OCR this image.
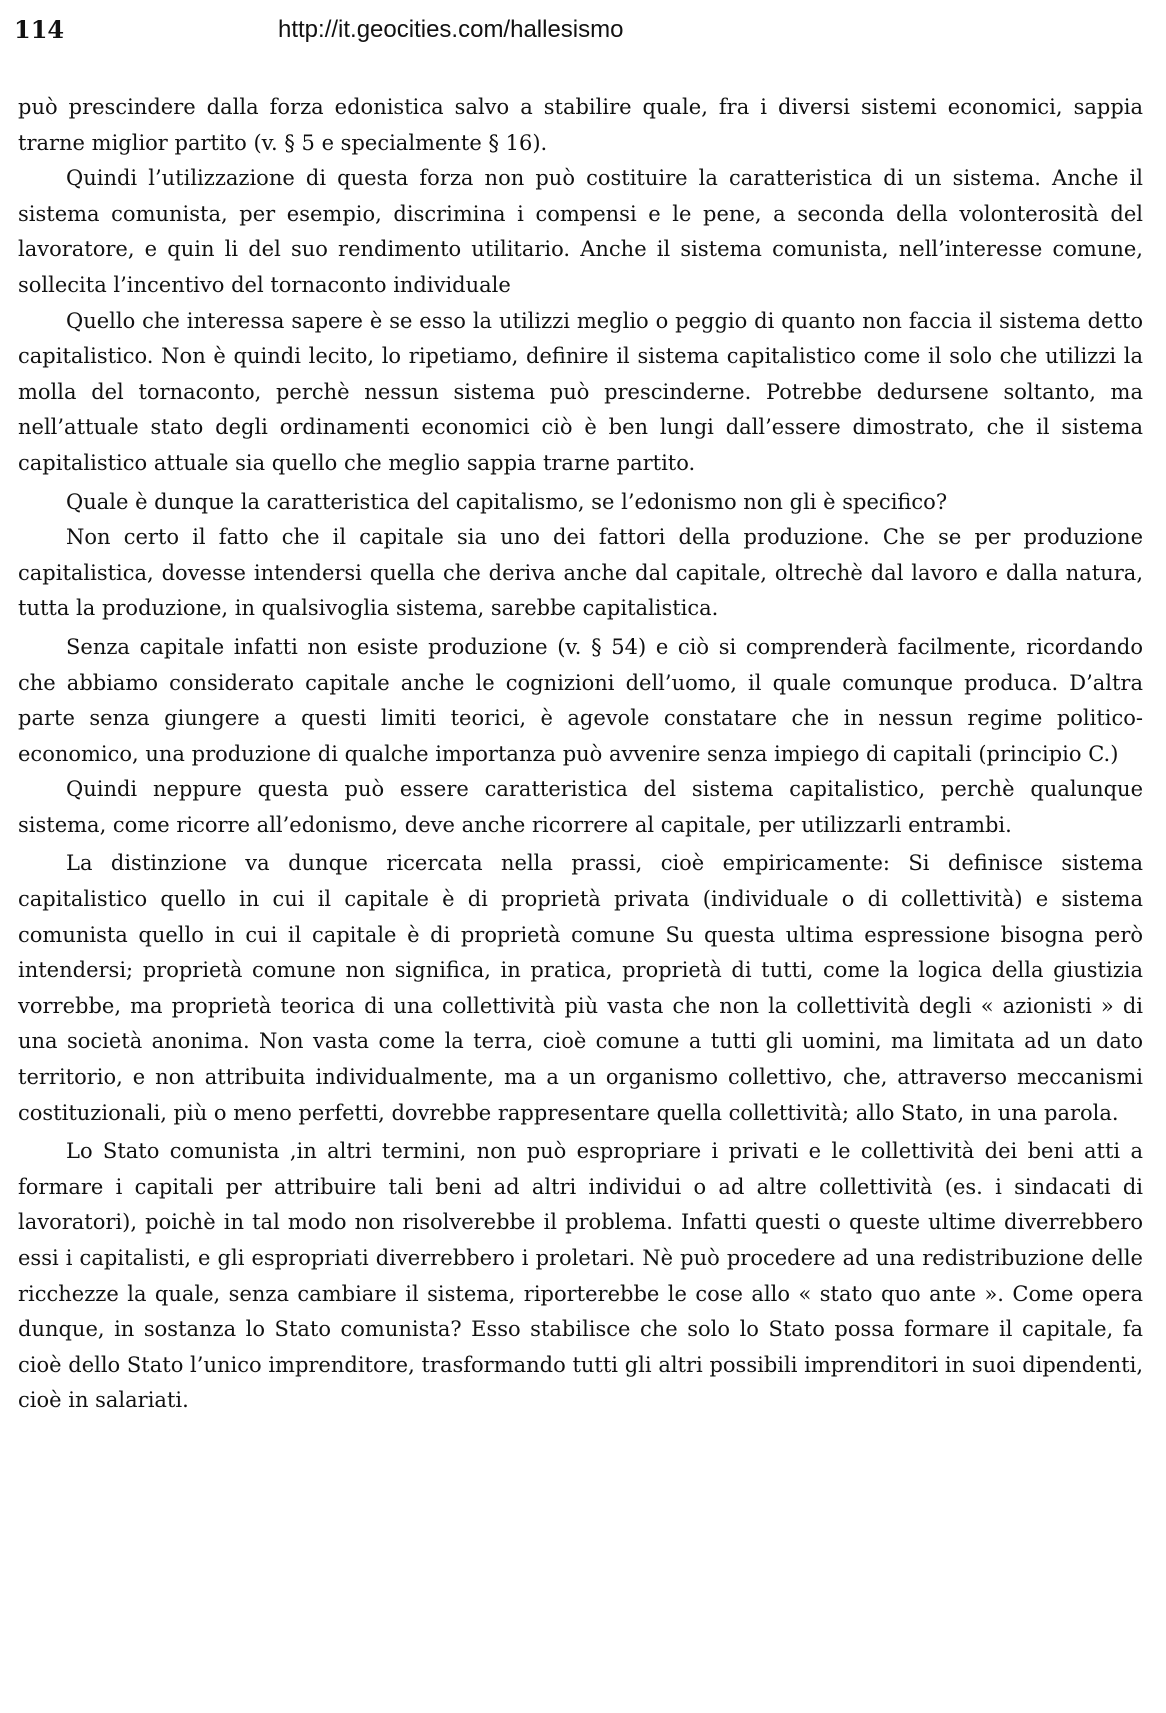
114	http://it.geocities.com/hallesismo

può prescindere dalla forza edonistica salvo a stabilire quale, fra i diversi sistemi economici, sappia trarne miglior partito (v. § 5 e specialmente § 16).

Quindi l’utilizzazione di questa forza non può costituire la caratteristica di un sistema. Anche il sistema comunista, per esempio, discrimina i compensi e le pene, a seconda della volonterosità del lavoratore, e quin li del suo rendimento utilitario. Anche il sistema comunista, nell’interesse comune, sollecita l’incentivo del tornaconto individuale

Quello che interessa sapere è se esso la utilizzi meglio o peggio di quanto non faccia il sistema detto capitalistico. Non è quindi lecito, lo ripetiamo, definire il sistema capitalistico come il solo che utilizzi la molla del tornaconto, perchè nessun sistema può prescinderne. Potrebbe dedursene soltanto, ma nell’attuale stato degli ordinamenti economici ciò è ben lungi dall’essere dimostrato, che il sistema capitalistico attuale sia quello che meglio sappia trarne partito.

Quale è dunque la caratteristica del capitalismo, se l’edonismo non gli è specifico?

Non certo il fatto che il capitale sia uno dei fattori della produzione. Che se per produzione capitalistica, dovesse intendersi quella che deriva anche dal capitale, oltrechè dal lavoro e dalla natura, tutta la produzione, in qualsivoglia sistema, sarebbe capitalistica.

Senza capitale infatti non esiste produzione (v. § 54) e ciò si comprenderà facilmente, ricordando che abbiamo considerato capitale anche le cognizioni dell’uomo, il quale comunque produca. D’altra parte senza giungere a questi limiti teorici, è agevole constatare che in nessun regime politico-economico, una produzione di qualche importanza può avvenire senza impiego di capitali (principio C.)

Quindi neppure questa può essere caratteristica del sistema capitalistico, perchè qualunque sistema, come ricorre all’edonismo, deve anche ricorrere al capitale, per utilizzarli entrambi.

La distinzione va dunque ricercata nella prassi, cioè empiricamente: Si definisce sistema capitalistico quello in cui il capitale è di proprietà privata (individuale o di collettività) e sistema comunista quello in cui il capitale è di proprietà comune Su questa ultima espressione bisogna però intendersi; proprietà comune non significa, in pratica, proprietà di tutti, come la logica della giustizia vorrebbe, ma proprietà teorica di una collettività più vasta che non la collettività degli « azionisti » di una società anonima. Non vasta come la terra, cioè comune a tutti gli uomini, ma limitata ad un dato territorio, e non attribuita individualmente, ma a un organismo collettivo, che, attraverso meccanismi costituzionali, più o meno perfetti, dovrebbe rappresentare quella collettività; allo Stato, in una parola.

Lo Stato comunista ,in altri termini, non può espropriare i privati e le collettività dei beni atti a formare i capitali per attribuire tali beni ad altri individui o ad altre collettività (es. i sindacati di lavoratori), poichè in tal modo non risolverebbe il problema. Infatti questi o queste ultime diverrebbero essi i capitalisti, e gli espropriati diverrebbero i proletari. Nè può procedere ad una redistribuzione delle ricchezze la quale, senza cambiare il sistema, riporterebbe le cose allo « stato quo ante ». Come opera dunque, in sostanza lo Stato comunista? Esso stabilisce che solo lo Stato possa formare il capitale, fa cioè dello Stato l’unico imprenditore, trasformando tutti gli altri possibili imprenditori in suoi dipendenti, cioè in salariati.
